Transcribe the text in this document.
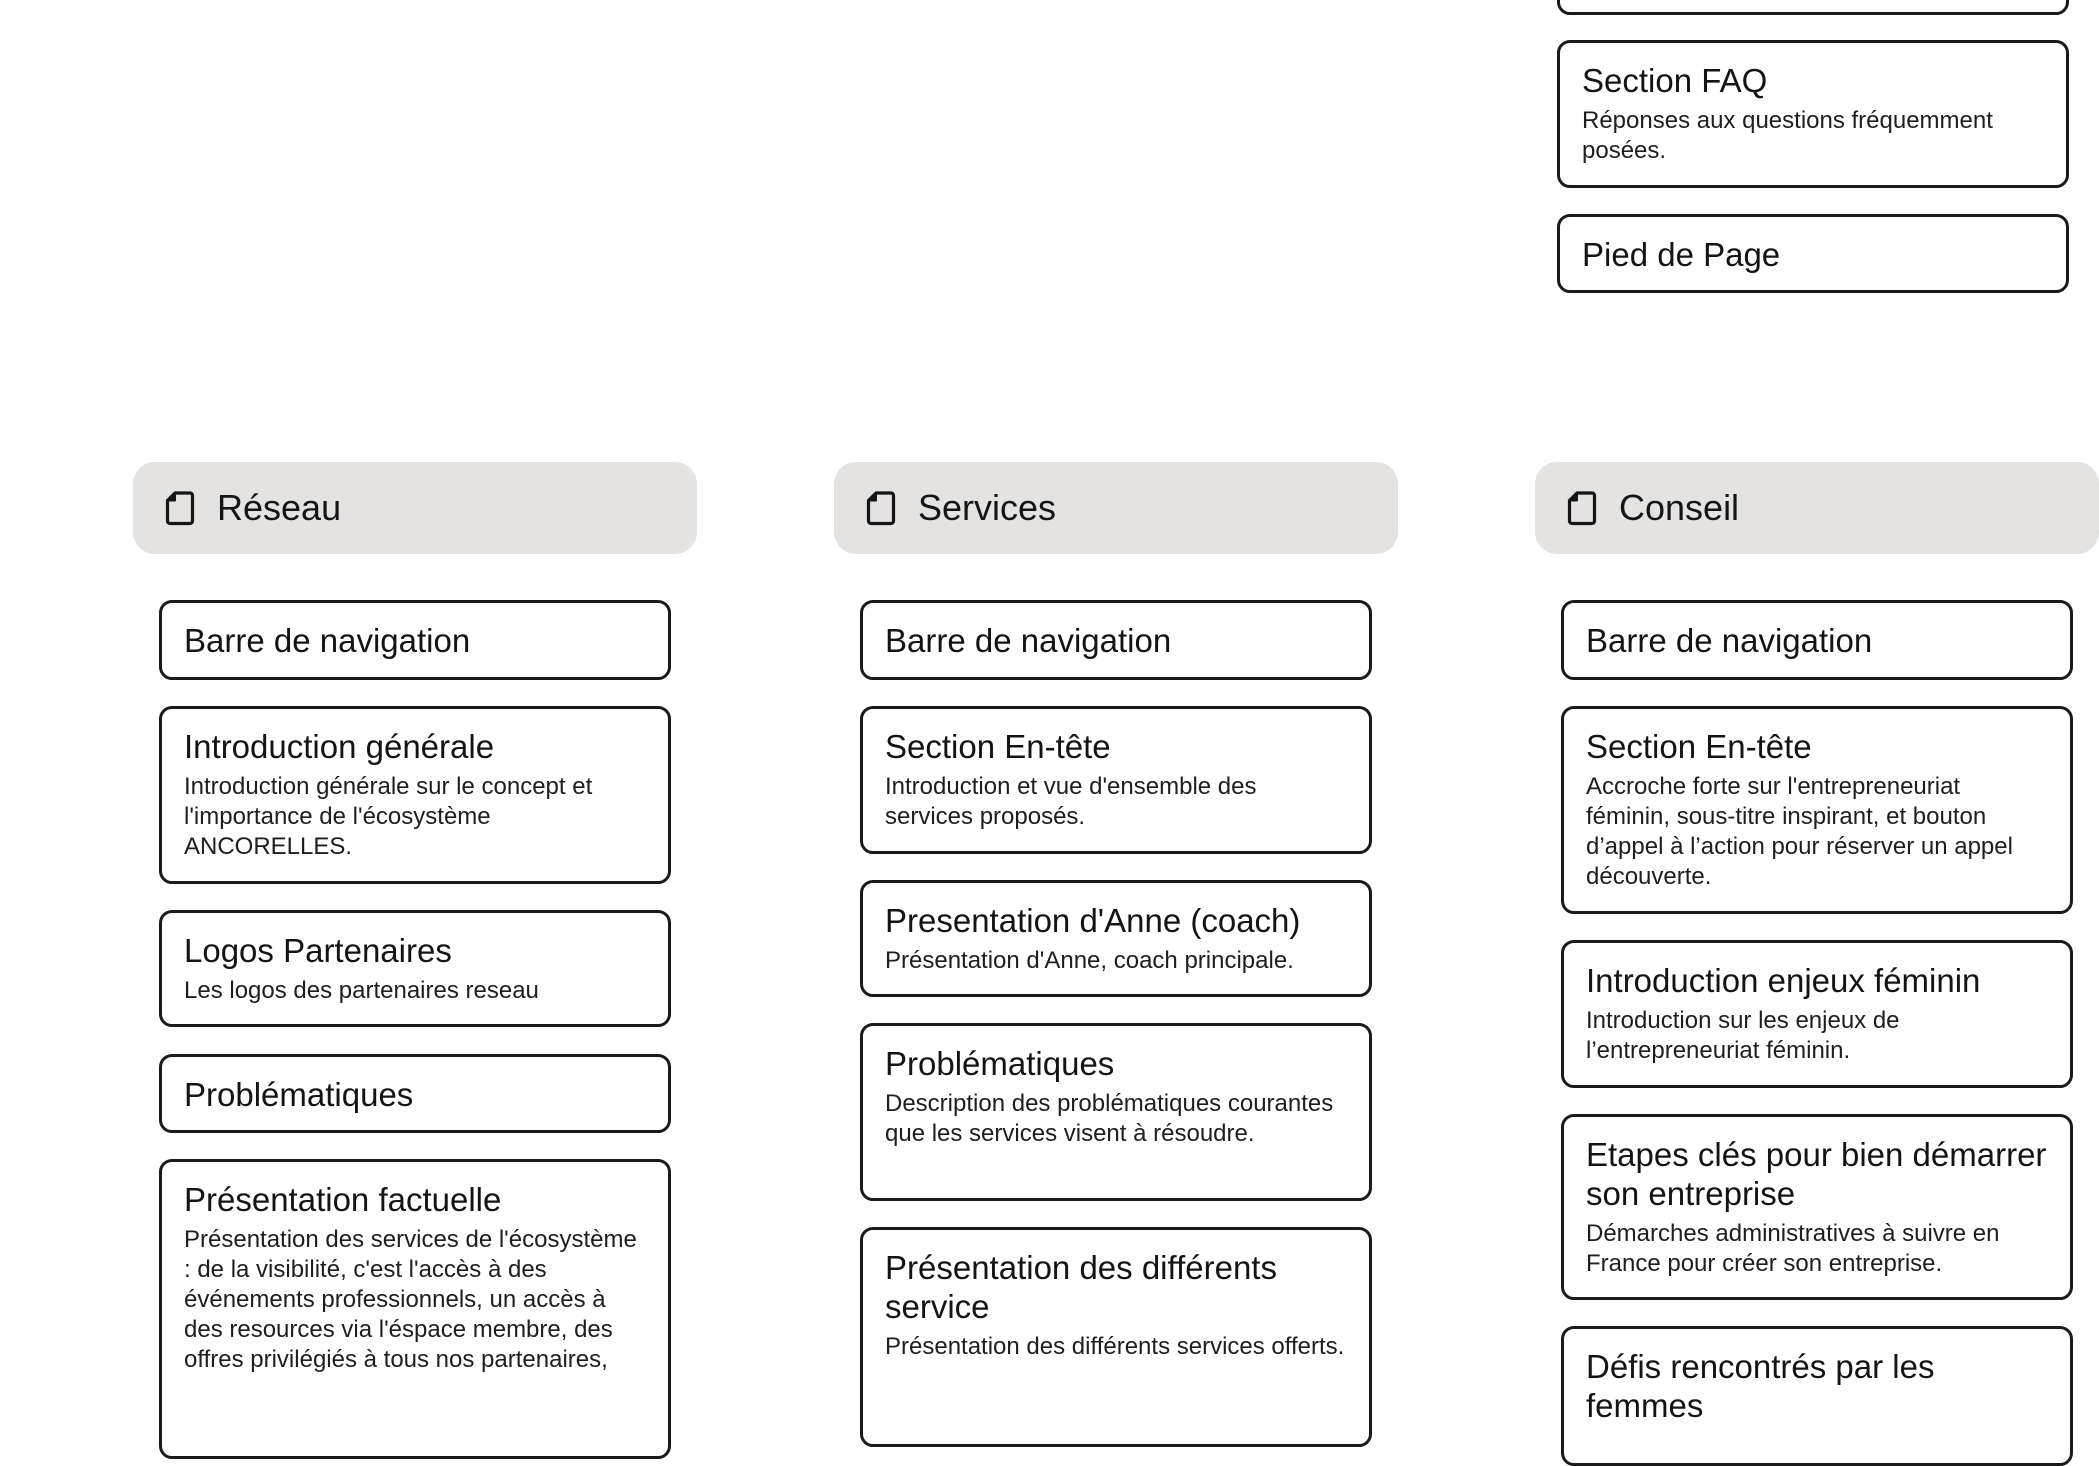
Section FAQ
Réponses aux questions fréquemment posées.
Pied de Page
Réseau
Barre de navigation
Introduction générale
Introduction générale sur le concept et l'importance de l'écosystème ANCORELLES.
Logos Partenaires
Les logos des partenaires reseau
Problématiques
Présentation factuelle
Présentation des services de l'écosystème : de la visibilité, c'est l'accès à des événements professionnels, un accès à des resources via l'éspace membre, des offres privilégiés à tous nos partenaires,
Services
Barre de navigation
Section En-tête
Introduction et vue d'ensemble des services proposés.
Presentation d'Anne (coach)
Présentation d'Anne, coach principale.
Problématiques
Description des problématiques courantes que les services visent à résoudre.
Présentation des différents service
Présentation des différents services offerts.
Conseil
Barre de navigation
Section En-tête
Accroche forte sur l'entrepreneuriat féminin, sous-titre inspirant, et bouton d’appel à l’action pour réserver un appel découverte.
Introduction enjeux féminin
Introduction sur les enjeux de l’entrepreneuriat féminin.
Etapes clés pour bien démarrer son entreprise
Démarches administratives à suivre en France pour créer son entreprise.
Défis rencontrés par les femmes
